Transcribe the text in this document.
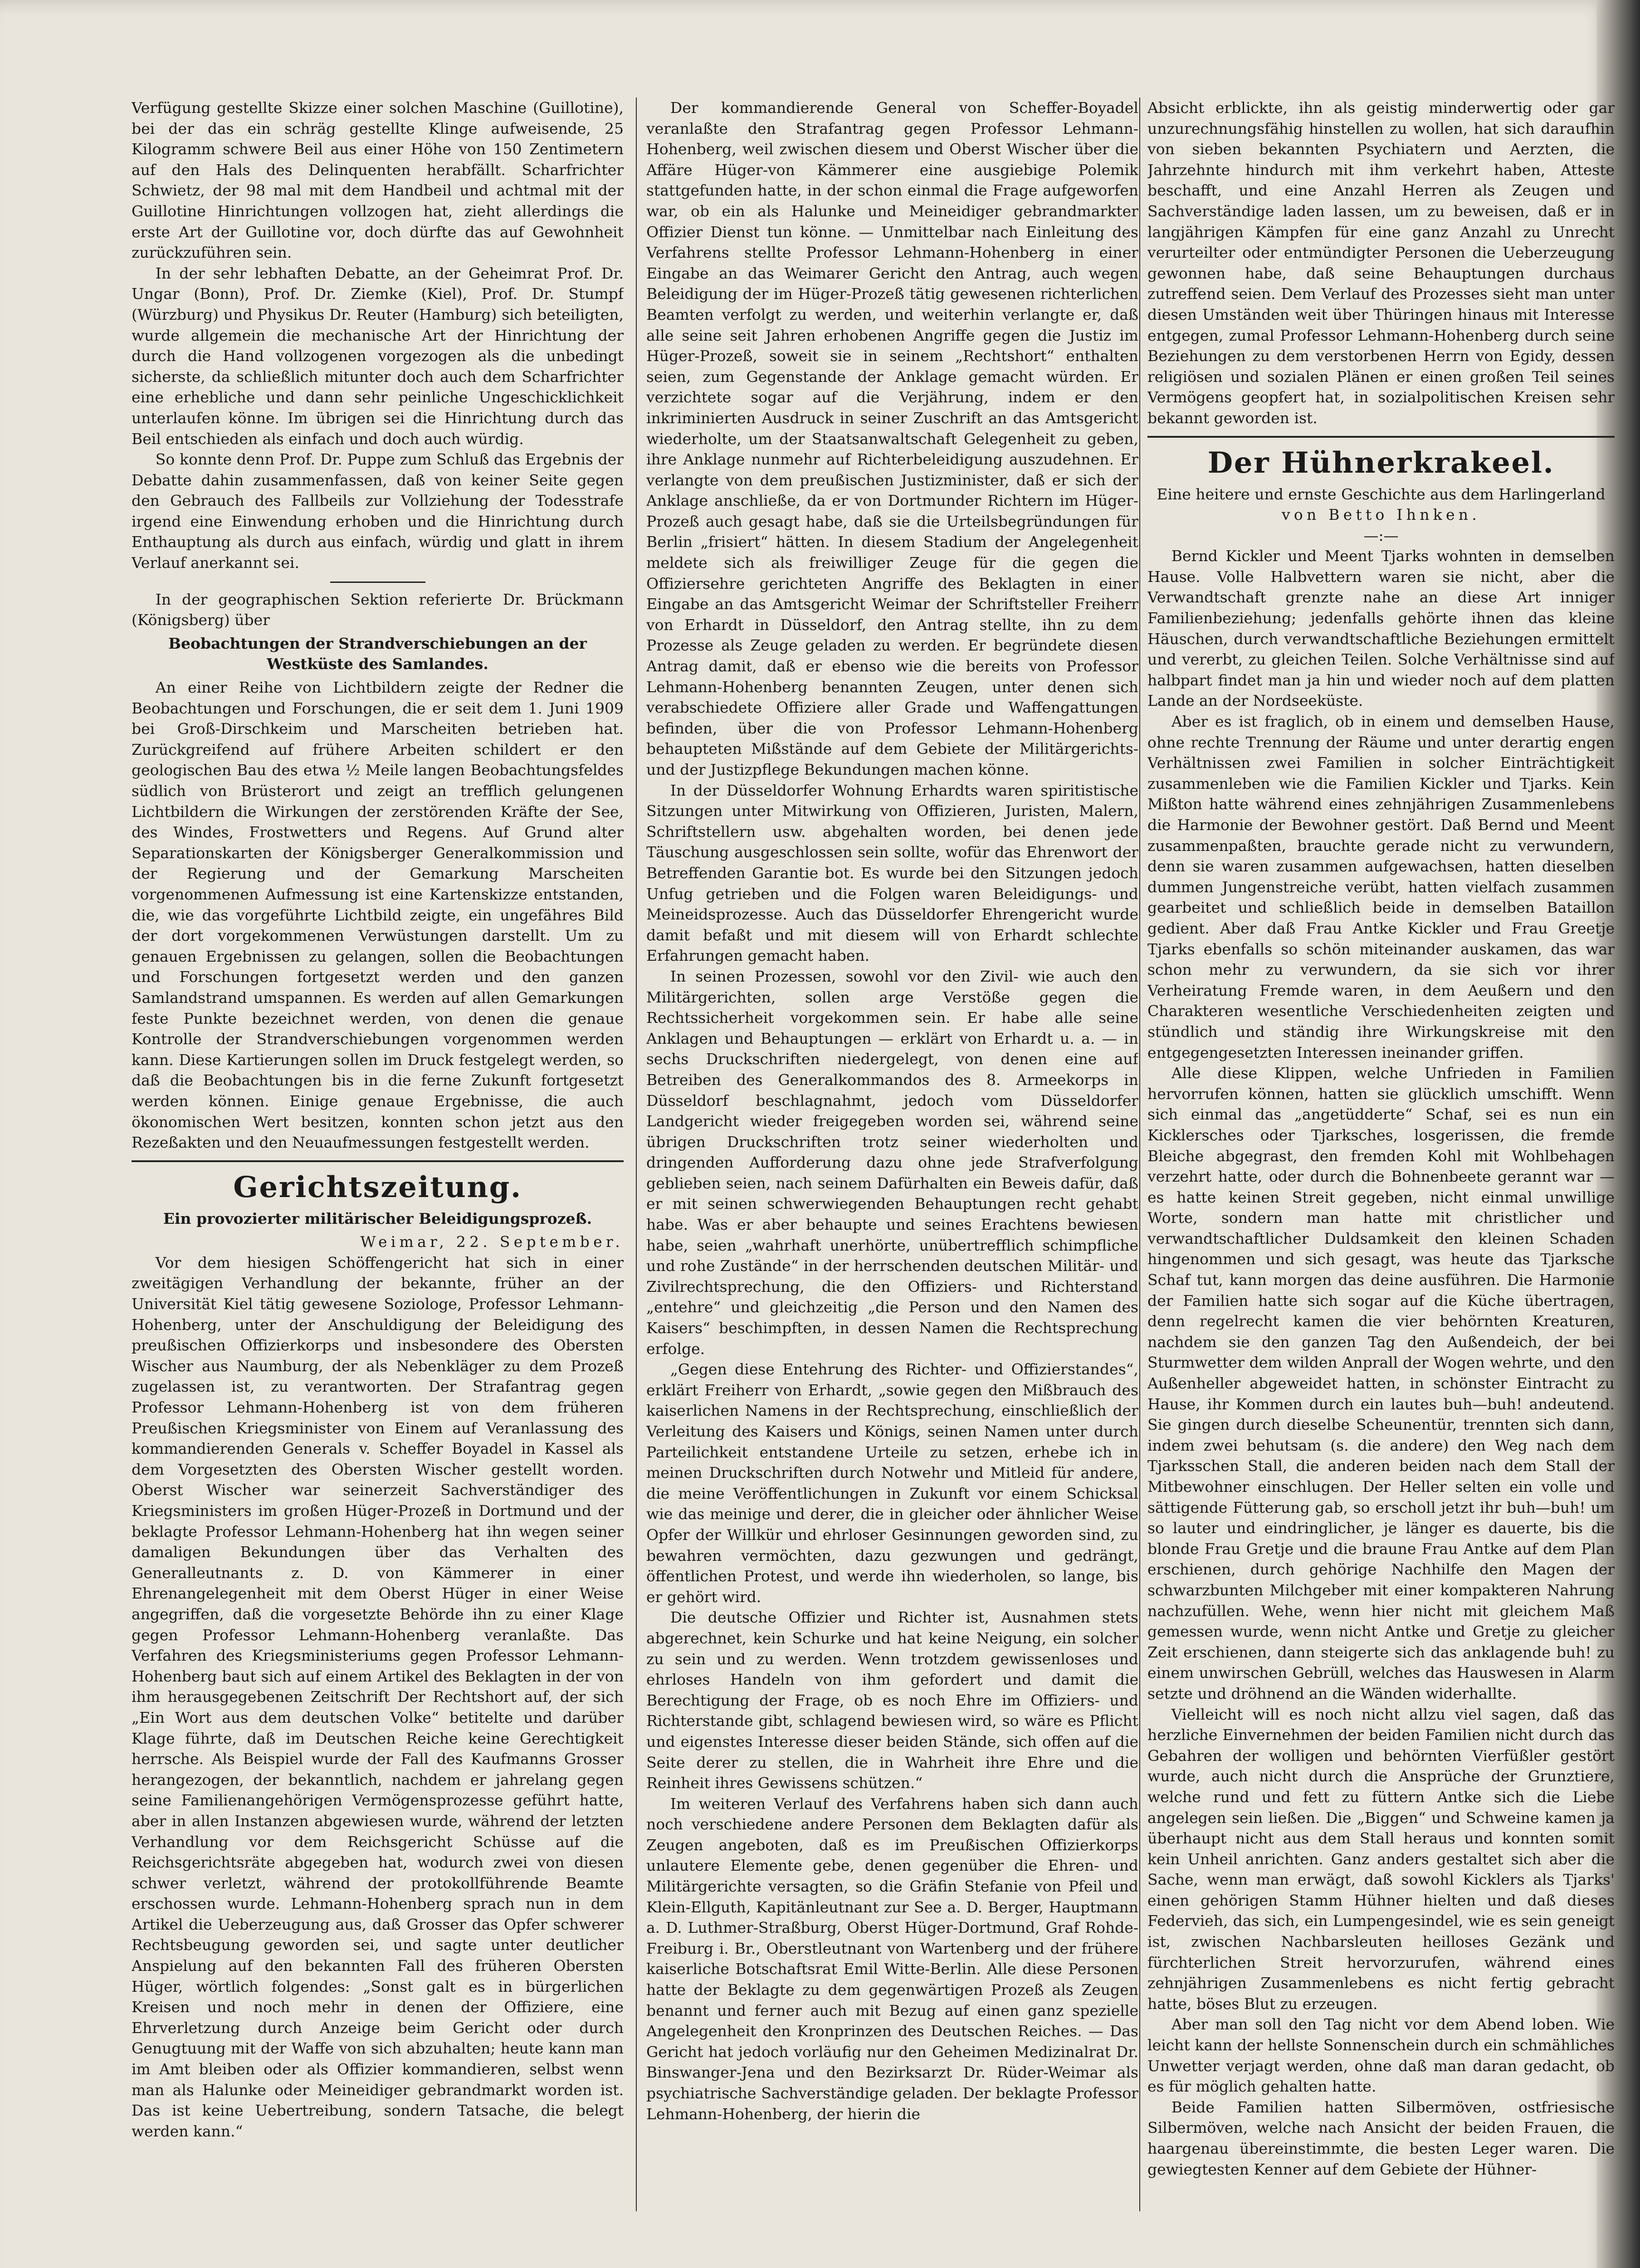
Verfügung gestellte Skizze einer solchen Maschine (Guillotine), bei der das ein schräg gestellte Klinge aufweisende, 25 Kilogramm schwere Beil aus einer Höhe von 150 Zentimetern auf den Hals des Delinquenten herabfällt. Scharfrichter Schwietz, der 98 mal mit dem Handbeil und achtmal mit der Guillotine Hinrichtungen vollzogen hat, zieht allerdings die erste Art der Guillotine vor, doch dürfte das auf Gewohnheit zurückzuführen sein.

In der sehr lebhaften Debatte, an der Geheimrat Prof. Dr. Ungar (Bonn), Prof. Dr. Ziemke (Kiel), Prof. Dr. Stumpf (Würzburg) und Physikus Dr. Reuter (Hamburg) sich beteiligten, wurde allgemein die mechanische Art der Hinrichtung der durch die Hand vollzogenen vorgezogen als die unbedingt sicherste, da schließlich mitunter doch auch dem Scharfrichter eine erhebliche und dann sehr peinliche Ungeschicklichkeit unterlaufen könne. Im übrigen sei die Hinrichtung durch das Beil entschieden als einfach und doch auch würdig.

So konnte denn Prof. Dr. Puppe zum Schluß das Ergebnis der Debatte dahin zusammenfassen, daß von keiner Seite gegen den Gebrauch des Fallbeils zur Vollziehung der Todesstrafe irgend eine Einwendung erhoben und die Hinrichtung durch Enthauptung als durch aus einfach, würdig und glatt in ihrem Verlauf anerkannt sei.

In der geographischen Sektion referierte Dr. Brückmann (Königsberg) über

Beobachtungen der Strandverschiebungen an der Westküste des Samlandes.

An einer Reihe von Lichtbildern zeigte der Redner die Beobachtungen und Forschungen, die er seit dem 1. Juni 1909 bei Groß-Dirschkeim und Marscheiten betrieben hat. Zurückgreifend auf frühere Arbeiten schildert er den geologischen Bau des etwa ½ Meile langen Beobachtungsfeldes südlich von Brüsterort und zeigt an trefflich gelungenen Lichtbildern die Wirkungen der zerstörenden Kräfte der See, des Windes, Frostwetters und Regens. Auf Grund alter Separationskarten der Königsberger Generalkommission und der Regierung und der Gemarkung Marscheiten vorgenommenen Aufmessung ist eine Kartenskizze entstanden, die, wie das vorgeführte Lichtbild zeigte, ein ungefähres Bild der dort vorgekommenen Verwüstungen darstellt. Um zu genauen Ergebnissen zu gelangen, sollen die Beobachtungen und Forschungen fortgesetzt werden und den ganzen Samlandstrand umspannen. Es werden auf allen Gemarkungen feste Punkte bezeichnet werden, von denen die genaue Kontrolle der Strandverschiebungen vorgenommen werden kann. Diese Kartierungen sollen im Druck festgelegt werden, so daß die Beobachtungen bis in die ferne Zukunft fortgesetzt werden können. Einige genaue Ergebnisse, die auch ökonomischen Wert besitzen, konnten schon jetzt aus den Rezeßakten und den Neuaufmessungen festgestellt werden.

Gerichtszeitung.

Ein provozierter militärischer Beleidigungsprozeß.

Weimar, 22. September.

Vor dem hiesigen Schöffengericht hat sich in einer zweitägigen Verhandlung der bekannte, früher an der Universität Kiel tätig gewesene Soziologe, Professor Lehmann-Hohenberg, unter der Anschuldigung der Beleidigung des preußischen Offizierkorps und insbesondere des Obersten Wischer aus Naumburg, der als Nebenkläger zu dem Prozeß zugelassen ist, zu verantworten. Der Strafantrag gegen Professor Lehmann-Hohenberg ist von dem früheren Preußischen Kriegsminister von Einem auf Veranlassung des kommandierenden Generals v. Scheffer Boyadel in Kassel als dem Vorgesetzten des Obersten Wischer gestellt worden. Oberst Wischer war seinerzeit Sachverständiger des Kriegsministers im großen Hüger-Prozeß in Dortmund und der beklagte Professor Lehmann-Hohenberg hat ihn wegen seiner damaligen Bekundungen über das Verhalten des Generalleutnants z. D. von Kämmerer in einer Ehrenangelegenheit mit dem Oberst Hüger in einer Weise angegriffen, daß die vorgesetzte Behörde ihn zu einer Klage gegen Professor Lehmann-Hohenberg veranlaßte. Das Verfahren des Kriegsministeriums gegen Professor Lehmann-Hohenberg baut sich auf einem Artikel des Beklagten in der von ihm herausgegebenen Zeitschrift Der Rechtshort auf, der sich „Ein Wort aus dem deutschen Volke“ betitelte und darüber Klage führte, daß im Deutschen Reiche keine Gerechtigkeit herrsche. Als Beispiel wurde der Fall des Kaufmanns Grosser herangezogen, der bekanntlich, nachdem er jahrelang gegen seine Familienangehörigen Vermögensprozesse geführt hatte, aber in allen Instanzen abgewiesen wurde, während der letzten Verhandlung vor dem Reichsgericht Schüsse auf die Reichsgerichtsräte abgegeben hat, wodurch zwei von diesen schwer verletzt, während der protokollführende Beamte erschossen wurde. Lehmann-Hohenberg sprach nun in dem Artikel die Ueberzeugung aus, daß Grosser das Opfer schwerer Rechtsbeugung geworden sei, und sagte unter deutlicher Anspielung auf den bekannten Fall des früheren Obersten Hüger, wörtlich folgendes: „Sonst galt es in bürgerlichen Kreisen und noch mehr in denen der Offiziere, eine Ehrverletzung durch Anzeige beim Gericht oder durch Genugtuung mit der Waffe von sich abzuhalten; heute kann man im Amt bleiben oder als Offizier kommandieren, selbst wenn man als Halunke oder Meineidiger gebrandmarkt worden ist. Das ist keine Uebertreibung, sondern Tatsache, die belegt werden kann.“

Der kommandierende General von Scheffer-Boyadel veranlaßte den Strafantrag gegen Professor Lehmann-Hohenberg, weil zwischen diesem und Oberst Wischer über die Affäre Hüger-von Kämmerer eine ausgiebige Polemik stattgefunden hatte, in der schon einmal die Frage aufgeworfen war, ob ein als Halunke und Meineidiger gebrandmarkter Offizier Dienst tun könne. — Unmittelbar nach Einleitung des Verfahrens stellte Professor Lehmann-Hohenberg in einer Eingabe an das Weimarer Gericht den Antrag, auch wegen Beleidigung der im Hüger-Prozeß tätig gewesenen richterlichen Beamten verfolgt zu werden, und weiterhin verlangte er, daß alle seine seit Jahren erhobenen Angriffe gegen die Justiz im Hüger-Prozeß, soweit sie in seinem „Rechtshort“ enthalten seien, zum Gegenstande der Anklage gemacht würden. Er verzichtete sogar auf die Verjährung, indem er den inkriminierten Ausdruck in seiner Zuschrift an das Amtsgericht wiederholte, um der Staatsanwaltschaft Gelegenheit zu geben, ihre Anklage nunmehr auf Richterbeleidigung auszudehnen. Er verlangte von dem preußischen Justizminister, daß er sich der Anklage anschließe, da er von Dortmunder Richtern im Hüger-Prozeß auch gesagt habe, daß sie die Urteilsbegründungen für Berlin „frisiert“ hätten. In diesem Stadium der Angelegenheit meldete sich als freiwilliger Zeuge für die gegen die Offiziersehre gerichteten Angriffe des Beklagten in einer Eingabe an das Amtsgericht Weimar der Schriftsteller Freiherr von Erhardt in Düsseldorf, den Antrag stellte, ihn zu dem Prozesse als Zeuge geladen zu werden. Er begründete diesen Antrag damit, daß er ebenso wie die bereits von Professor Lehmann-Hohenberg benannten Zeugen, unter denen sich verabschiedete Offiziere aller Grade und Waffengattungen befinden, über die von Professor Lehmann-Hohenberg behaupteten Mißstände auf dem Gebiete der Militärgerichts- und der Justizpflege Bekundungen machen könne.

In der Düsseldorfer Wohnung Erhardts waren spiritistische Sitzungen unter Mitwirkung von Offizieren, Juristen, Malern, Schriftstellern usw. abgehalten worden, bei denen jede Täuschung ausgeschlossen sein sollte, wofür das Ehrenwort der Betreffenden Garantie bot. Es wurde bei den Sitzungen jedoch Unfug getrieben und die Folgen waren Beleidigungs- und Meineidsprozesse. Auch das Düsseldorfer Ehrengericht wurde damit befaßt und mit diesem will von Erhardt schlechte Erfahrungen gemacht haben.

In seinen Prozessen, sowohl vor den Zivil- wie auch den Militärgerichten, sollen arge Verstöße gegen die Rechtssicherheit vorgekommen sein. Er habe alle seine Anklagen und Behauptungen — erklärt von Erhardt u. a. — in sechs Druckschriften niedergelegt, von denen eine auf Betreiben des Generalkommandos des 8. Armeekorps in Düsseldorf beschlagnahmt, jedoch vom Düsseldorfer Landgericht wieder freigegeben worden sei, während seine übrigen Druckschriften trotz seiner wiederholten und dringenden Aufforderung dazu ohne jede Strafverfolgung geblieben seien, nach seinem Dafürhalten ein Beweis dafür, daß er mit seinen schwerwiegenden Behauptungen recht gehabt habe. Was er aber behaupte und seines Erachtens bewiesen habe, seien „wahrhaft unerhörte, unübertrefflich schimpfliche und rohe Zustände“ in der herrschenden deutschen Militär- und Zivilrechtsprechung, die den Offiziers- und Richterstand „entehre“ und gleichzeitig „die Person und den Namen des Kaisers“ beschimpften, in dessen Namen die Rechtsprechung erfolge.

„Gegen diese Entehrung des Richter- und Offizierstandes“, erklärt Freiherr von Erhardt, „sowie gegen den Mißbrauch des kaiserlichen Namens in der Rechtsprechung, einschließlich der Verleitung des Kaisers und Königs, seinen Namen unter durch Parteilichkeit entstandene Urteile zu setzen, erhebe ich in meinen Druckschriften durch Notwehr und Mitleid für andere, die meine Veröffentlichungen in Zukunft vor einem Schicksal wie das meinige und derer, die in gleicher oder ähnlicher Weise Opfer der Willkür und ehrloser Gesinnungen geworden sind, zu bewahren vermöchten, dazu gezwungen und gedrängt, öffentlichen Protest, und werde ihn wiederholen, so lange, bis er gehört wird.

Die deutsche Offizier und Richter ist, Ausnahmen stets abgerechnet, kein Schurke und hat keine Neigung, ein solcher zu sein und zu werden. Wenn trotzdem gewissenloses und ehrloses Handeln von ihm gefordert und damit die Berechtigung der Frage, ob es noch Ehre im Offiziers- und Richterstande gibt, schlagend bewiesen wird, so wäre es Pflicht und eigenstes Interesse dieser beiden Stände, sich offen auf die Seite derer zu stellen, die in Wahrheit ihre Ehre und die Reinheit ihres Gewissens schützen.“

Im weiteren Verlauf des Verfahrens haben sich dann auch noch verschiedene andere Personen dem Beklagten dafür als Zeugen angeboten, daß es im Preußischen Offizierkorps unlautere Elemente gebe, denen gegenüber die Ehren- und Militärgerichte versagten, so die Gräfin Stefanie von Pfeil und Klein-Ellguth, Kapitänleutnant zur See a. D. Berger, Hauptmann a. D. Luthmer-Straßburg, Oberst Hüger-Dortmund, Graf Rohde-Freiburg i. Br., Oberstleutnant von Wartenberg und der frühere kaiserliche Botschaftsrat Emil Witte-Berlin. Alle diese Personen hatte der Beklagte zu dem gegenwärtigen Prozeß als Zeugen benannt und ferner auch mit Bezug auf einen ganz spezielle Angelegenheit den Kronprinzen des Deutschen Reiches. — Das Gericht hat jedoch vorläufig nur den Geheimen Medizinalrat Dr. Binswanger-Jena und den Bezirksarzt Dr. Rüder-Weimar als psychiatrische Sachverständige geladen. Der beklagte Professor Lehmann-Hohenberg, der hierin die

Absicht erblickte, ihn als geistig minderwertig oder gar unzurechnungsfähig hinstellen zu wollen, hat sich daraufhin von sieben bekannten Psychiatern und Aerzten, die Jahrzehnte hindurch mit ihm verkehrt haben, Atteste beschafft, und eine Anzahl Herren als Zeugen und Sachverständige laden lassen, um zu beweisen, daß er in langjährigen Kämpfen für eine ganz Anzahl zu Unrecht verurteilter oder entmündigter Personen die Ueberzeugung gewonnen habe, daß seine Behauptungen durchaus zutreffend seien. Dem Verlauf des Prozesses sieht man unter diesen Umständen weit über Thüringen hinaus mit Interesse entgegen, zumal Professor Lehmann-Hohenberg durch seine Beziehungen zu dem verstorbenen Herrn von Egidy, dessen religiösen und sozialen Plänen er einen großen Teil seines Vermögens geopfert hat, in sozialpolitischen Kreisen sehr bekannt geworden ist.

Der Hühnerkrakeel.

Eine heitere und ernste Geschichte aus dem Harlingerland

von Betto Ihnken.

—:—

Bernd Kickler und Meent Tjarks wohnten in demselben Hause. Volle Halbvettern waren sie nicht, aber die Verwandtschaft grenzte nahe an diese Art inniger Familienbeziehung; jedenfalls gehörte ihnen das kleine Häuschen, durch verwandtschaftliche Beziehungen ermittelt und vererbt, zu gleichen Teilen. Solche Verhältnisse sind auf halbpart findet man ja hin und wieder noch auf dem platten Lande an der Nordseeküste.

Aber es ist fraglich, ob in einem und demselben Hause, ohne rechte Trennung der Räume und unter derartig engen Verhältnissen zwei Familien in solcher Einträchtigkeit zusammenleben wie die Familien Kickler und Tjarks. Kein Mißton hatte während eines zehnjährigen Zusammenlebens die Harmonie der Bewohner gestört. Daß Bernd und Meent zusammenpaßten, brauchte gerade nicht zu verwundern, denn sie waren zusammen aufgewachsen, hatten dieselben dummen Jungenstreiche verübt, hatten vielfach zusammen gearbeitet und schließlich beide in demselben Bataillon gedient. Aber daß Frau Antke Kickler und Frau Greetje Tjarks ebenfalls so schön miteinander auskamen, das war schon mehr zu verwundern, da sie sich vor ihrer Verheiratung Fremde waren, in dem Aeußern und den Charakteren wesentliche Verschiedenheiten zeigten und stündlich und ständig ihre Wirkungskreise mit den entgegengesetzten Interessen ineinander griffen.

Alle diese Klippen, welche Unfrieden in Familien hervorrufen können, hatten sie glücklich umschifft. Wenn sich einmal das „angetüdderte“ Schaf, sei es nun ein Kicklersches oder Tjarksches, losgerissen, die fremde Bleiche abgegrast, den fremden Kohl mit Wohlbehagen verzehrt hatte, oder durch die Bohnenbeete gerannt war — es hatte keinen Streit gegeben, nicht einmal unwillige Worte, sondern man hatte mit christlicher und verwandtschaftlicher Duldsamkeit den kleinen Schaden hingenommen und sich gesagt, was heute das Tjarksche Schaf tut, kann morgen das deine ausführen. Die Harmonie der Familien hatte sich sogar auf die Küche übertragen, denn regelrecht kamen die vier behörnten Kreaturen, nachdem sie den ganzen Tag den Außendeich, der bei Sturmwetter dem wilden Anprall der Wogen wehrte, und den Außenheller abgeweidet hatten, in schönster Eintracht zu Hause, ihr Kommen durch ein lautes buh—buh! andeutend. Sie gingen durch dieselbe Scheunentür, trennten sich dann, indem zwei behutsam (s. die andere) den Weg nach dem Tjarksschen Stall, die anderen beiden nach dem Stall der Mitbewohner einschlugen. Der Heller selten ein volle und sättigende Fütterung gab, so erscholl jetzt ihr buh—buh! um so lauter und eindringlicher, je länger es dauerte, bis die blonde Frau Gretje und die braune Frau Antke auf dem Plan erschienen, durch gehörige Nachhilfe den Magen der schwarzbunten Milchgeber mit einer kompakteren Nahrung nachzufüllen. Wehe, wenn hier nicht mit gleichem Maß gemessen wurde, wenn nicht Antke und Gretje zu gleicher Zeit erschienen, dann steigerte sich das anklagende buh! zu einem unwirschen Gebrüll, welches das Hauswesen in Alarm setzte und dröhnend an die Wänden widerhallte.

Vielleicht will es noch nicht allzu viel sagen, daß das herzliche Einvernehmen der beiden Familien nicht durch das Gebahren der wolligen und behörnten Vierfüßler gestört wurde, auch nicht durch die Ansprüche der Grunztiere, welche rund und fett zu füttern Antke sich die Liebe angelegen sein ließen. Die „Biggen“ und Schweine kamen ja überhaupt nicht aus dem Stall heraus und konnten somit kein Unheil anrichten. Ganz anders gestaltet sich aber die Sache, wenn man erwägt, daß sowohl Kicklers als Tjarks' einen gehörigen Stamm Hühner hielten und daß dieses Federvieh, das sich, ein Lumpengesindel, wie es sein geneigt ist, zwischen Nachbarsleuten heilloses Gezänk und fürchterlichen Streit hervorzurufen, während eines zehnjährigen Zusammenlebens es nicht fertig gebracht hatte, böses Blut zu erzeugen.

Aber man soll den Tag nicht vor dem Abend loben. Wie leicht kann der hellste Sonnenschein durch ein schmähliches Unwetter verjagt werden, ohne daß man daran gedacht, ob es für möglich gehalten hatte.

Beide Familien hatten Silbermöven, ostfriesische Silbermöven, welche nach Ansicht der beiden Frauen, die haargenau übereinstimmte, die besten Leger waren. Die gewiegtesten Kenner auf dem Gebiete der Hühner-
